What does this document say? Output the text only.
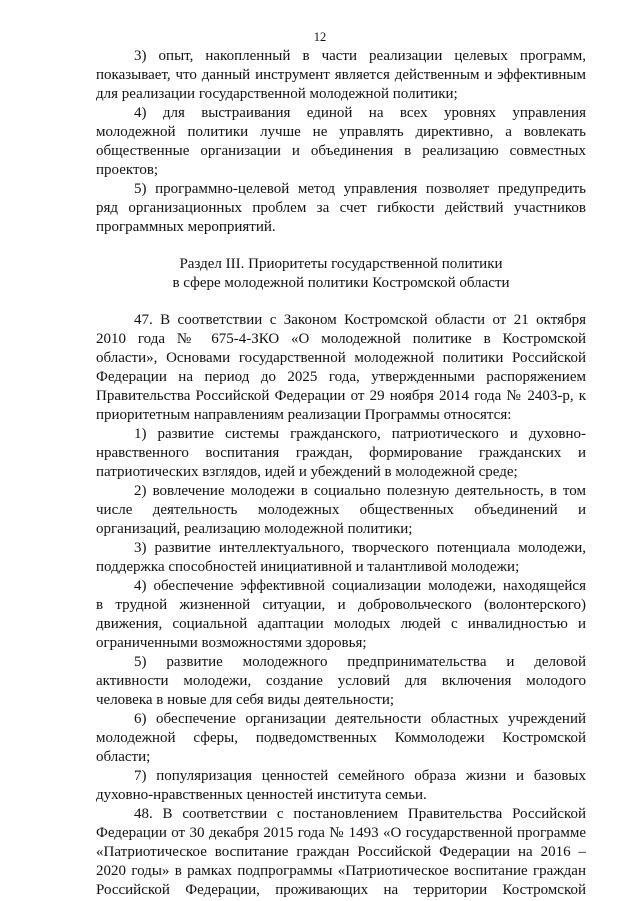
12
3) опыт, накопленный в части реализации целевых программ,
показывает, что данный инструмент является действенным и эффективным
для реализации государственной молодежной политики;
4) для выстраивания единой на всех уровнях управления
молодежной политики лучше не управлять директивно, а вовлекать
общественные организации и объединения в реализацию совместных
проектов;
5) программно-целевой метод управления позволяет предупредить
ряд организационных проблем за счет гибкости действий участников
программных мероприятий.
Раздел III. Приоритеты государственной политики
в сфере молодежной политики Костромской области
47. В соответствии с Законом Костромской области от 21 октября
2010 года № 675-4-ЗКО «О молодежной политике в Костромской
области», Основами государственной молодежной политики Российской
Федерации на период до 2025 года, утвержденными распоряжением
Правительства Российской Федерации от 29 ноября 2014 года № 2403-р, к
приоритетным направлениям реализации Программы относятся:
1) развитие системы гражданского, патриотического и духовно-
нравственного воспитания граждан, формирование гражданских и
патриотических взглядов, идей и убеждений в молодежной среде;
2) вовлечение молодежи в социально полезную деятельность, в том
числе деятельность молодежных общественных объединений и
организаций, реализацию молодежной политики;
3) развитие интеллектуального, творческого потенциала молодежи,
поддержка способностей инициативной и талантливой молодежи;
4) обеспечение эффективной социализации молодежи, находящейся
в трудной жизненной ситуации, и добровольческого (волонтерского)
движения, социальной адаптации молодых людей с инвалидностью и
ограниченными возможностями здоровья;
5) развитие молодежного предпринимательства и деловой
активности молодежи, создание условий для включения молодого
человека в новые для себя виды деятельности;
6) обеспечение организации деятельности областных учреждений
молодежной сферы, подведомственных Коммолодежи Костромской
области;
7) популяризация ценностей семейного образа жизни и базовых
духовно-нравственных ценностей института семьи.
48. В соответствии с постановлением Правительства Российской
Федерации от 30 декабря 2015 года № 1493 «О государственной программе
«Патриотическое воспитание граждан Российской Федерации на 2016 –
2020 годы» в рамках подпрограммы «Патриотическое воспитание граждан
Российской Федерации, проживающих на территории Костромской
